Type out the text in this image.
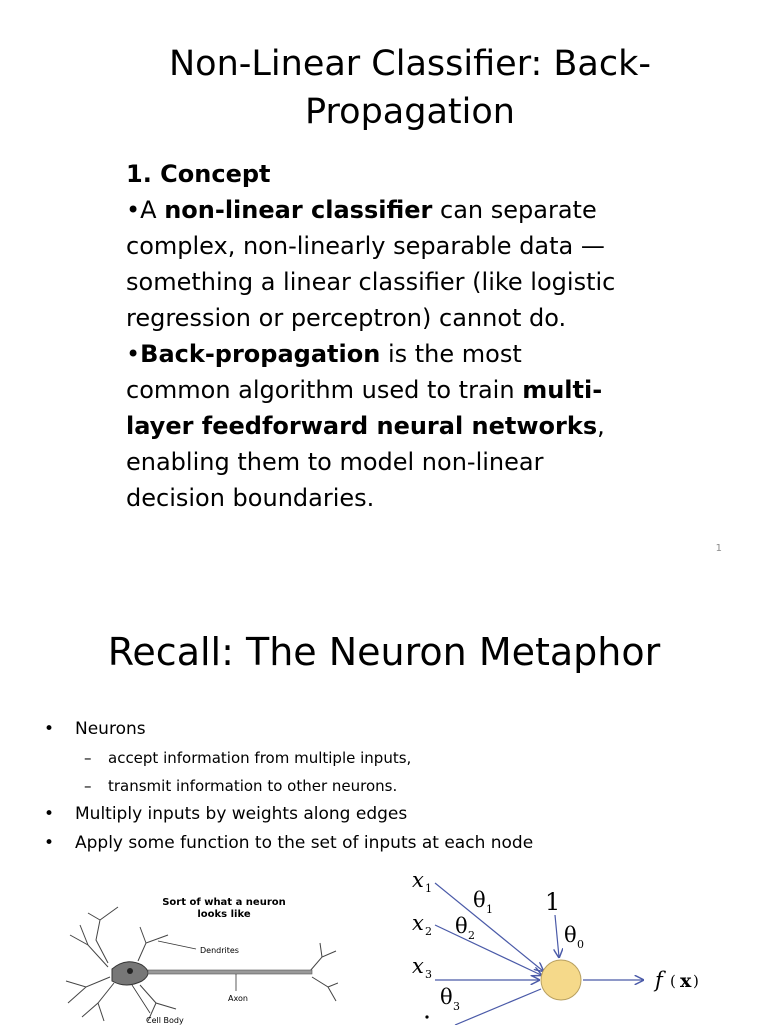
Non-Linear Classifier: Back-Propagation

1. Concept

•A non-linear classifier can separate complex, non-linearly separable data — something a linear classifier (like logistic regression or perceptron) cannot do.

•Back-propagation is the most common algorithm used to train multi-layer feedforward neural networks, enabling them to model non-linear decision boundaries.

1
Recall: The Neuron Metaphor
• Neurons
– accept information from multiple inputs,
– transmit information to other neurons.
• Multiply inputs by weights along edges
• Apply some function to the set of inputs at each node
Sort of what a neuron
looks like
Dendrites
Axon
Cell Body
x 1
x 2
x 3
θ 1
θ 2
θ 3
1
θ 0
f ( x )
